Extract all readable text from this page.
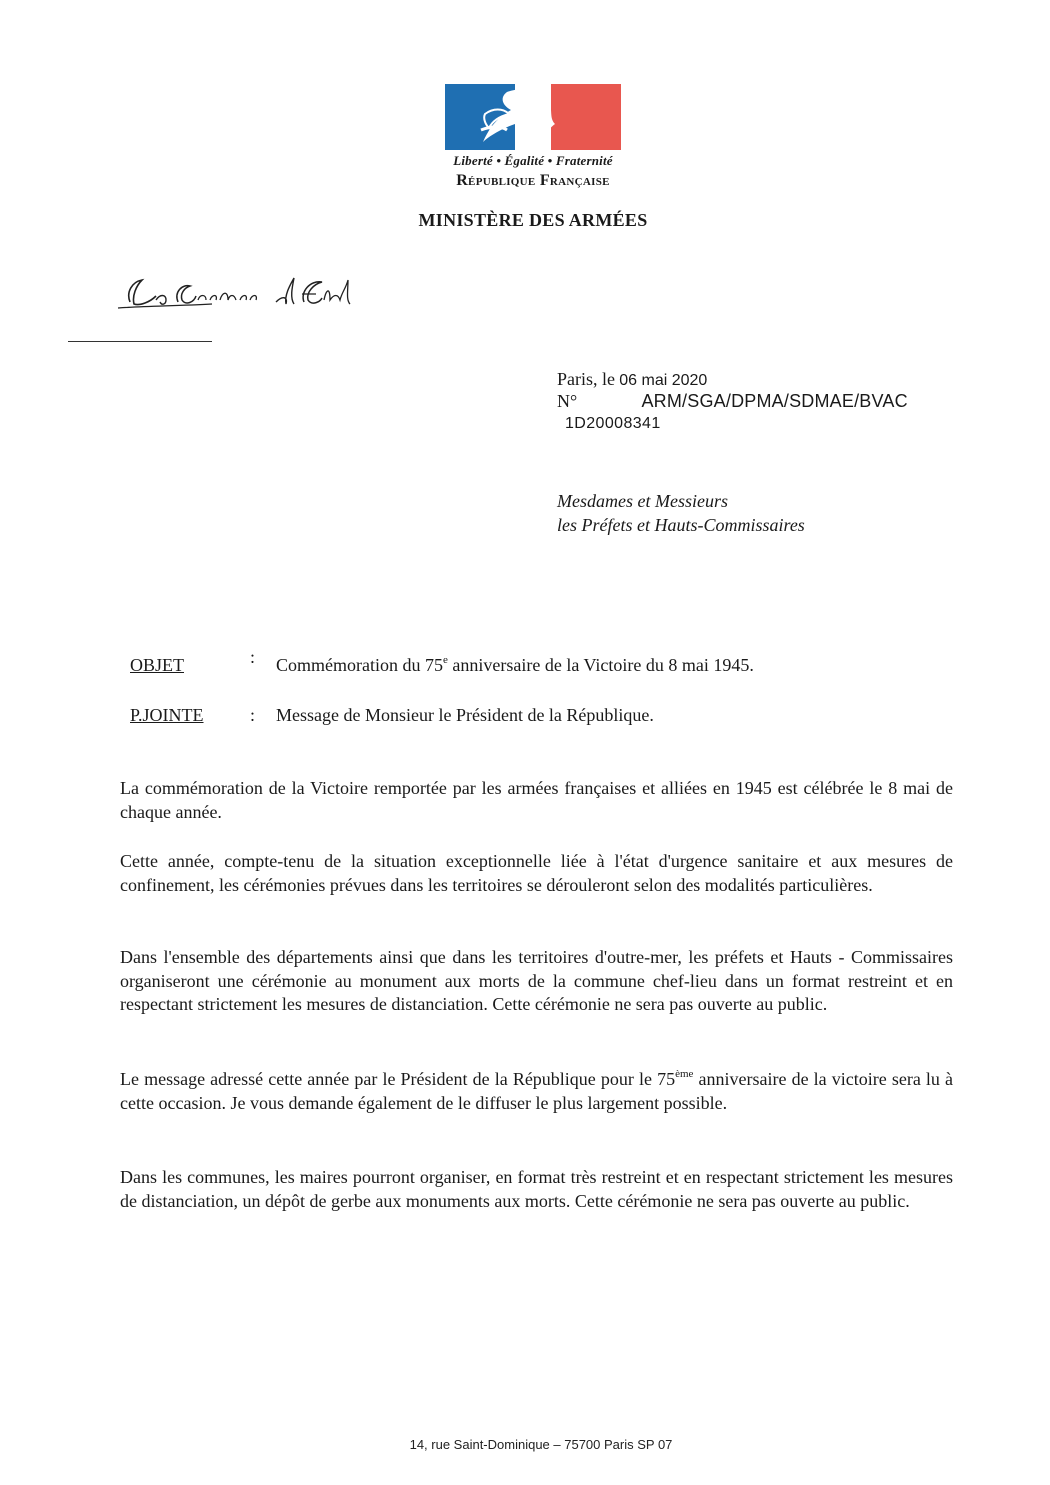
Liberté • Égalité • Fraternité
République Française
MINISTÈRE DES ARMÉES
Paris, le 06 mai 2020
N°	ARM/SGA/DPMA/SDMAE/BVAC
1D20008341
Mesdames et Messieurs
les Préfets et Hauts-Commissaires
OBJET	: Commémoration du 75e anniversaire de la Victoire du 8 mai 1945.
P.JOINTE	: Message de Monsieur le Président de la République.

La commémoration de la Victoire remportée par les armées françaises et alliées en 1945 est célébrée le 8 mai de chaque année.

Cette année, compte-tenu de la situation exceptionnelle liée à l'état d'urgence sanitaire et aux mesures de confinement, les cérémonies prévues dans les territoires se dérouleront selon des modalités particulières.

Dans l'ensemble des départements ainsi que dans les territoires d'outre-mer, les préfets et Hauts - Commissaires organiseront une cérémonie au monument aux morts de la commune chef-lieu dans un format restreint et en respectant strictement les mesures de distanciation. Cette cérémonie ne sera pas ouverte au public.

Le message adressé cette année par le Président de la République pour le 75ème anniversaire de la victoire sera lu à cette occasion. Je vous demande également de le diffuser le plus largement possible.

Dans les communes, les maires pourront organiser, en format très restreint et en respectant strictement les mesures de distanciation, un dépôt de gerbe aux monuments aux morts. Cette cérémonie ne sera pas ouverte au public.

14, rue Saint-Dominique – 75700 Paris SP 07
